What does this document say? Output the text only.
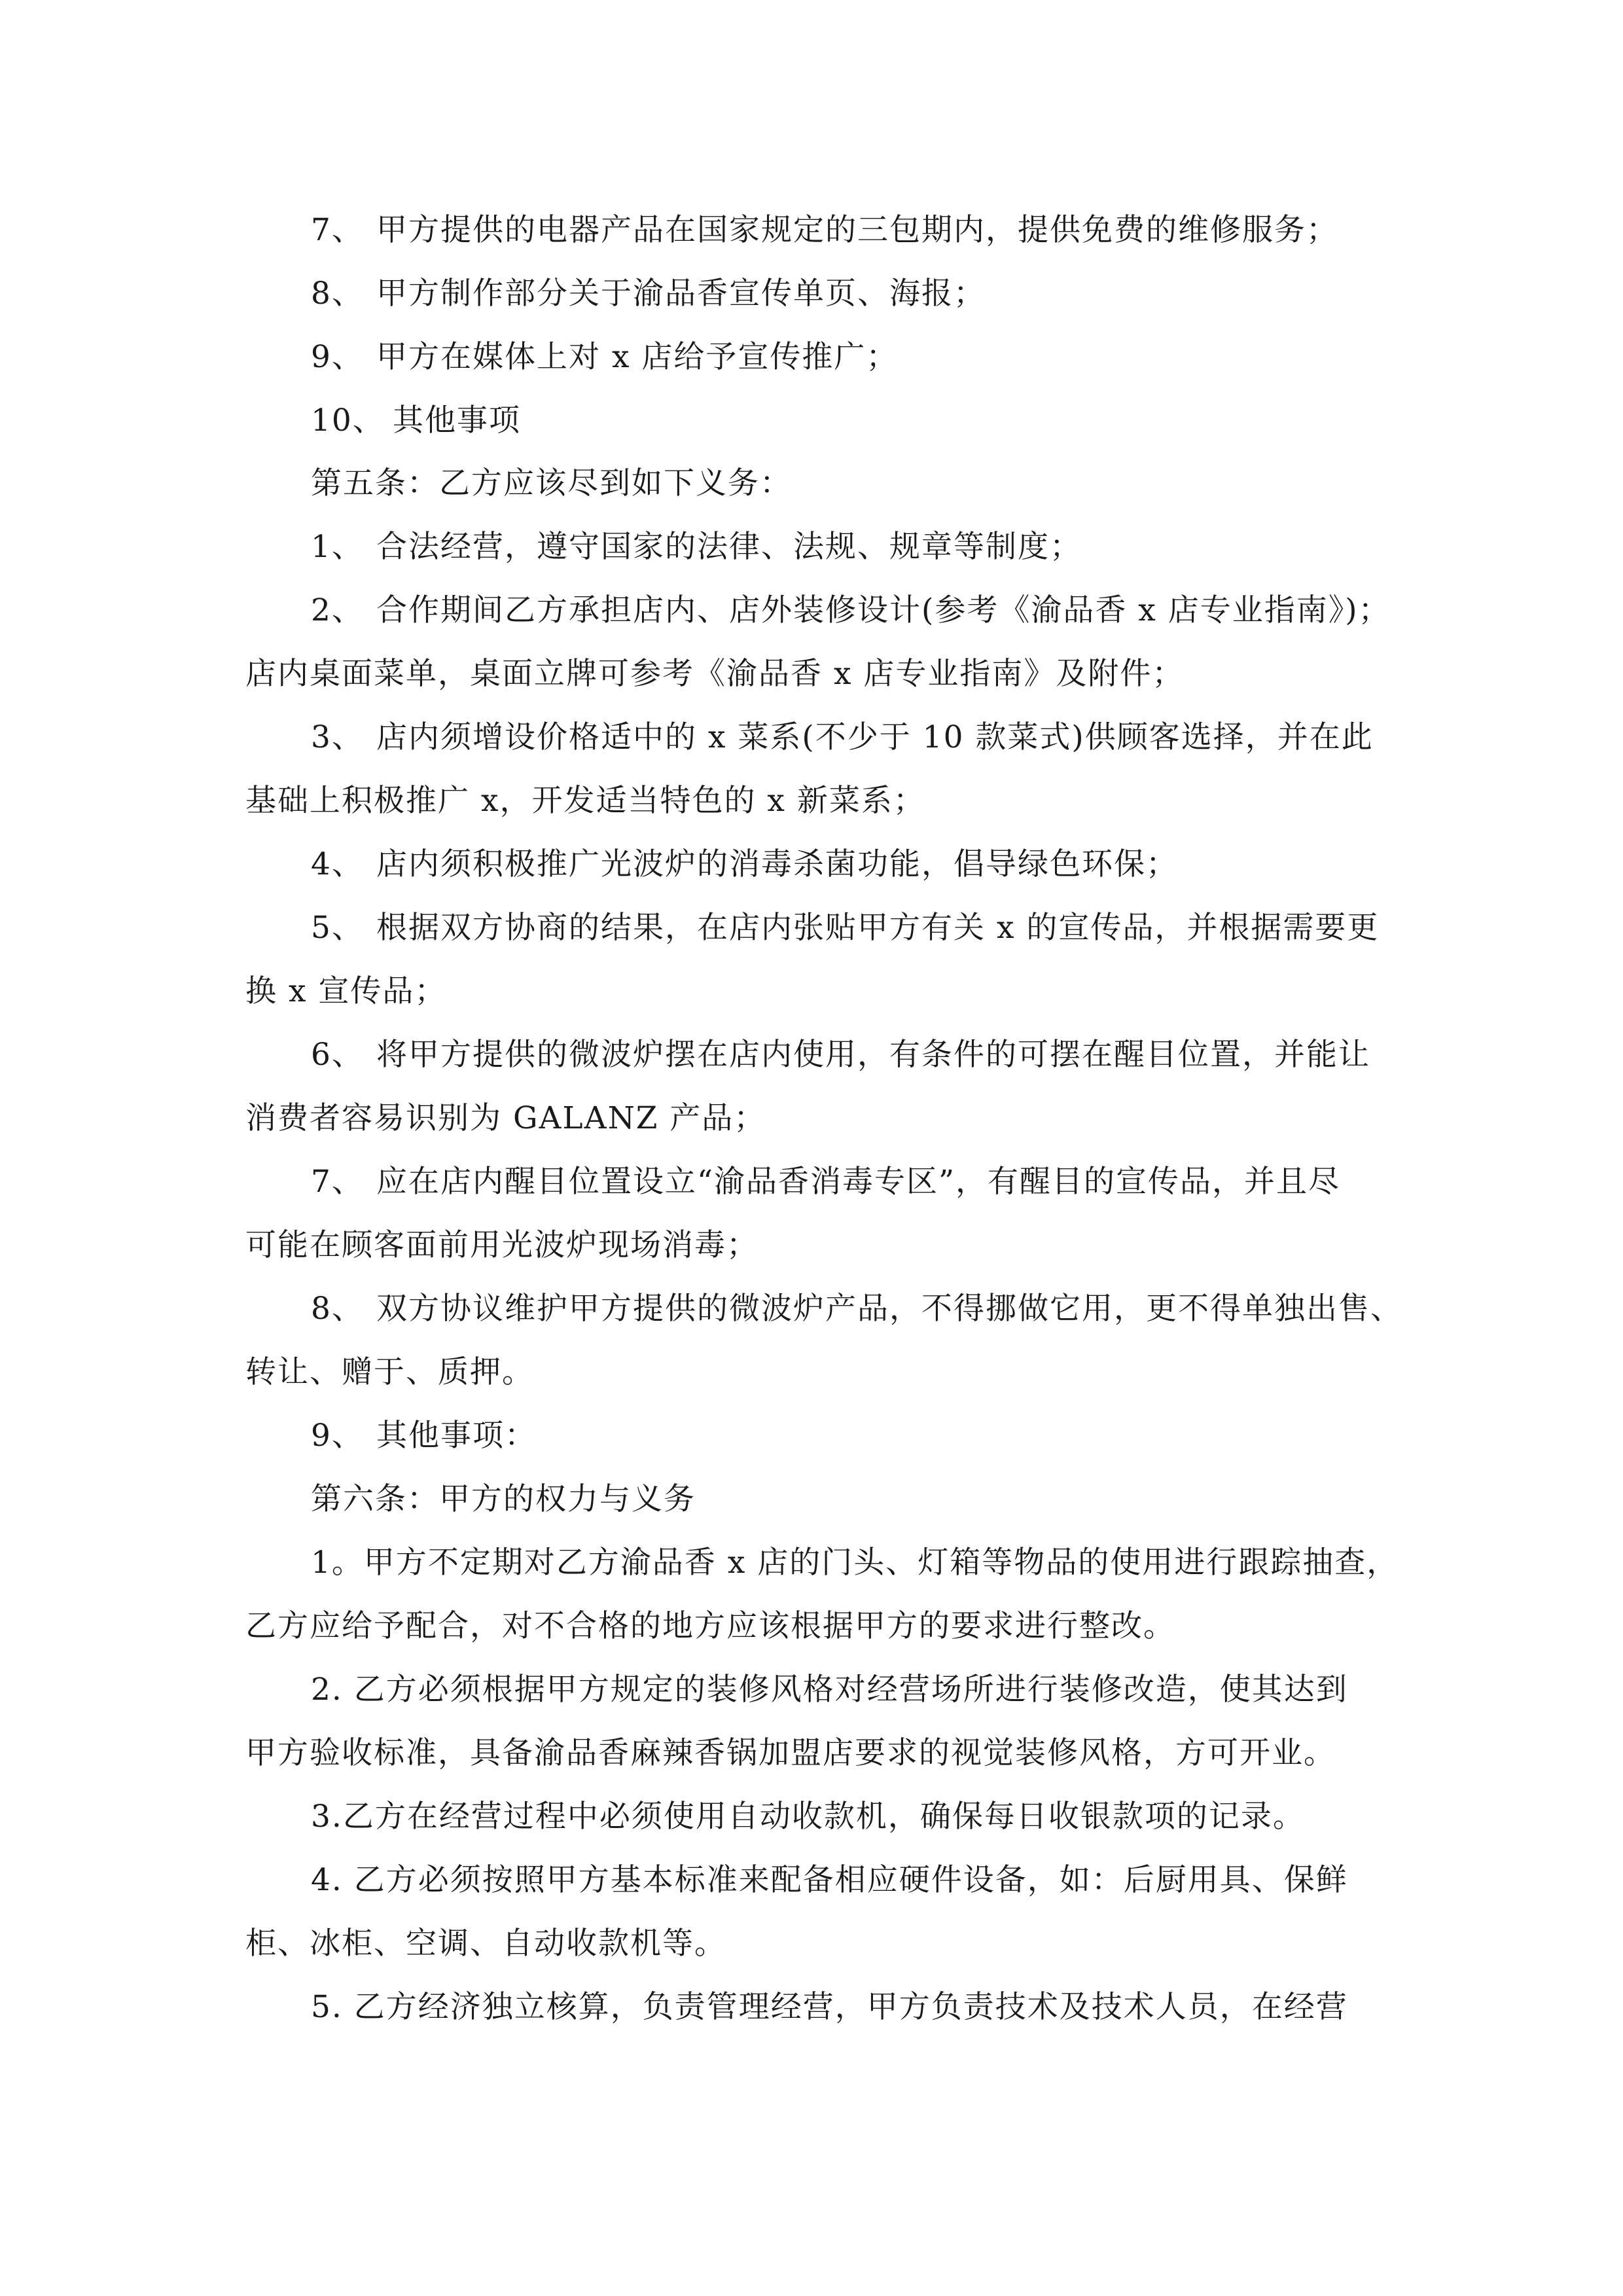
7、 甲方提供的电器产品在国家规定的三包期内，提供免费的维修服务；

8、 甲方制作部分关于渝品香宣传单页、海报；

9、 甲方在媒体上对 x 店给予宣传推广；

10、 其他事项

第五条：乙方应该尽到如下义务：

1、 合法经营，遵守国家的法律、法规、规章等制度；

2、 合作期间乙方承担店内、店外装修设计(参考《渝品香 x 店专业指南》)；

店内桌面菜单，桌面立牌可参考《渝品香 x 店专业指南》及附件；

3、 店内须增设价格适中的 x 菜系(不少于 10 款菜式)供顾客选择，并在此

基础上积极推广 x，开发适当特色的 x 新菜系；

4、 店内须积极推广光波炉的消毒杀菌功能，倡导绿色环保；

5、 根据双方协商的结果，在店内张贴甲方有关 x 的宣传品，并根据需要更

换 x 宣传品；

6、 将甲方提供的微波炉摆在店内使用，有条件的可摆在醒目位置，并能让

消费者容易识别为 GALANZ 产品；

7、 应在店内醒目位置设立“渝品香消毒专区”，有醒目的宣传品，并且尽

可能在顾客面前用光波炉现场消毒；

8、 双方协议维护甲方提供的微波炉产品，不得挪做它用，更不得单独出售、

转让、赠于、质押。

9、 其他事项：

第六条：甲方的权力与义务

1。甲方不定期对乙方渝品香 x 店的门头、灯箱等物品的使用进行跟踪抽查，

乙方应给予配合，对不合格的地方应该根据甲方的要求进行整改。

2. 乙方必须根据甲方规定的装修风格对经营场所进行装修改造，使其达到

甲方验收标准，具备渝品香麻辣香锅加盟店要求的视觉装修风格，方可开业。

3.乙方在经营过程中必须使用自动收款机，确保每日收银款项的记录。

4. 乙方必须按照甲方基本标准来配备相应硬件设备，如：后厨用具、保鲜

柜、冰柜、空调、自动收款机等。

5. 乙方经济独立核算，负责管理经营，甲方负责技术及技术人员，在经营
